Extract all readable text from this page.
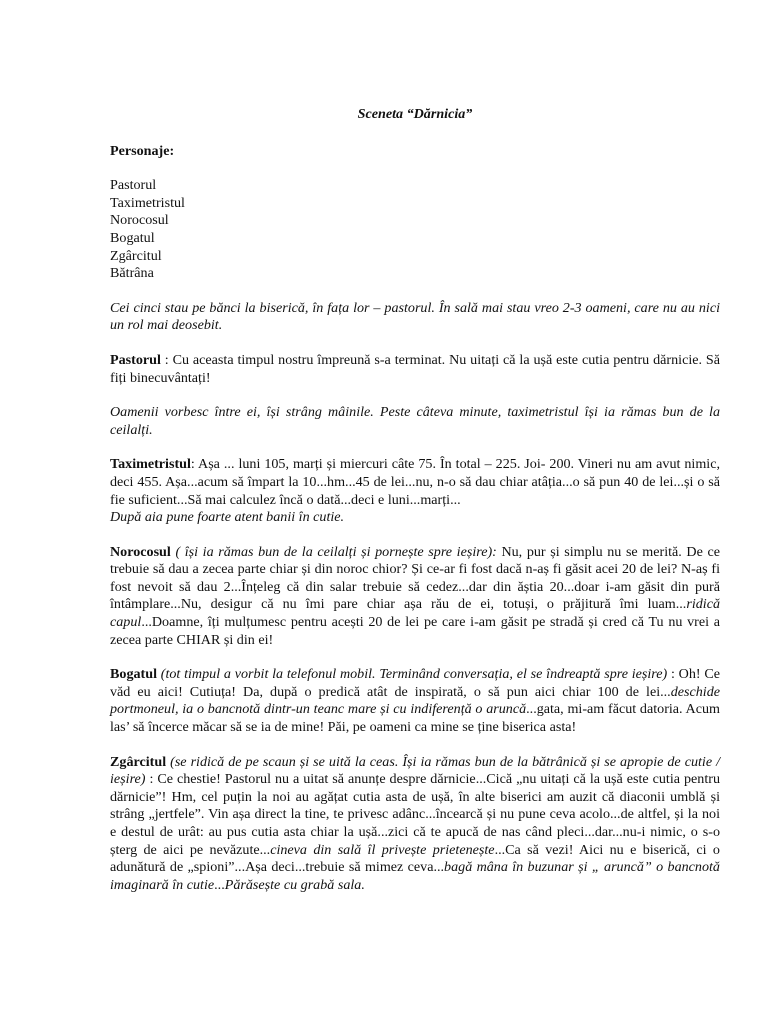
Sceneta “Dărnicia”
Personaje:
Pastorul
Taximetristul
Norocosul
Bogatul
Zgârcitul
Bătrâna

Cei cinci stau pe bănci la biserică, în fața lor – pastorul. În sală mai stau vreo 2-3 oameni, care nu au nici un rol mai deosebit.

Pastorul : Cu aceasta timpul nostru împreună s-a terminat. Nu uitați că la ușă este cutia pentru dărnicie. Să fiți binecuvântați!

Oamenii vorbesc între ei, își strâng mâinile. Peste câteva minute, taximetristul își ia rămas bun de la ceilalți.

Taximetristul: Așa ... luni 105, marți și miercuri câte 75. În total – 225. Joi- 200. Vineri nu am avut nimic, deci 455. Așa...acum să împart la 10...hm...45 de lei...nu, n-o să dau chiar atâția...o să pun 40 de lei...și o să fie suficient...Să mai calculez încă o dată...deci e luni...marți...
După aia pune foarte atent banii în cutie.

Norocosul ( își ia rămas bun de la ceilalți și pornește spre ieșire): Nu, pur și simplu nu se merită. De ce trebuie să dau a zecea parte chiar și din noroc chior? Și ce-ar fi fost dacă n-aș fi găsit acei 20 de lei? N-aș fi fost nevoit să dau 2...Înțeleg că din salar trebuie să cedez...dar din ăștia 20...doar i-am găsit din pură întâmplare...Nu, desigur că nu îmi pare chiar așa rău de ei, totuși, o prăjitură îmi luam...ridică capul...Doamne, îți mulțumesc pentru acești 20 de lei pe care i-am găsit pe stradă și cred că Tu nu vrei a zecea parte CHIAR și din ei!

Bogatul (tot timpul a vorbit la telefonul mobil. Terminând conversația, el se îndreaptă spre ieșire) : Oh! Ce văd eu aici! Cutiuța! Da, după o predică atât de inspirată, o să pun aici chiar 100 de lei...deschide portmoneul, ia o bancnotă dintr-un teanc mare și cu indiferență o aruncă...gata, mi-am făcut datoria. Acum las’ să încerce măcar să se ia de mine! Păi, pe oameni ca mine se ține biserica asta!

Zgârcitul (se ridică de pe scaun și se uită la ceas. Își ia rămas bun de la bătrânică și se apropie de cutie / ieșire) : Ce chestie! Pastorul nu a uitat să anunțe despre dărnicie...Cică „nu uitați că la ușă este cutia pentru dărnicie”! Hm, cel puțin la noi au agățat cutia asta de ușă, în alte biserici am auzit că diaconii umblă și strâng „jertfele”. Vin așa direct la tine, te privesc adânc...încearcă și nu pune ceva acolo...de altfel, și la noi e destul de urât: au pus cutia asta chiar la ușă...zici că te apucă de nas când pleci...dar...nu-i nimic, o s-o șterg de aici pe nevăzute...cineva din sală îl privește prietenește...Ca să vezi! Aici nu e biserică, ci o adunătură de „spioni”...Așa deci...trebuie să mimez ceva...bagă mâna în buzunar și „ aruncă” o bancnotă imaginară în cutie...Părăsește cu grabă sala.
